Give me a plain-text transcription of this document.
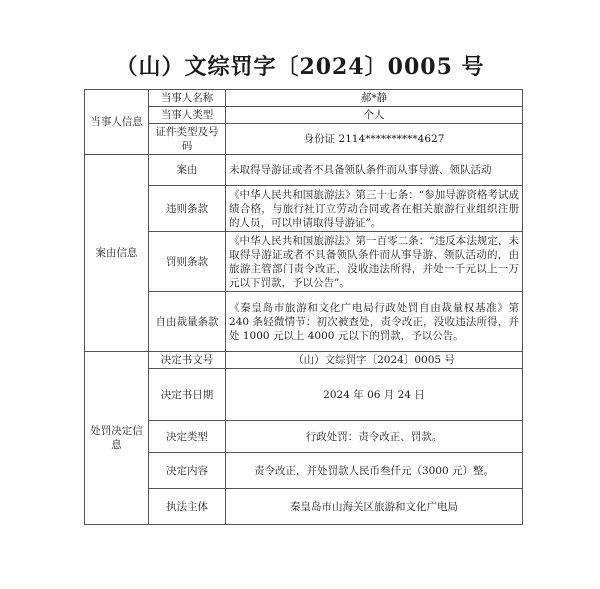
（山）文综罚字〔2024〕0005 号
当事人信息	当事人名称	郝*静
	当事人类型	个人
	证件类型及号码	身份证 2114**********4627
案由信息	案由	未取得导游证或者不具备领队条件而从事导游、领队活动
	违则条款	《中华人民共和国旅游法》第三十七条：“参加导游资格考试成绩合格，与旅行社订立劳动合同或者在相关旅游行业组织注册的人员，可以申请取得导游证”。
	罚则条款	《中华人民共和国旅游法》第一百零二条：“违反本法规定，未取得导游证或者不具备领队条件而从事导游、领队活动的，由旅游主管部门责令改正，没收违法所得，并处一千元以上一万元以下罚款，予以公告”。
	自由裁量条款	《秦皇岛市旅游和文化广电局行政处罚自由裁量权基准》第 240 条轻微情节：初次被查处，责令改正，没收违法所得，并处 1000 元以上 4000 元以下的罚款，予以公告。
处罚决定信息	决定书文号	（山）文综罚字〔2024〕0005 号
	决定书日期	2024 年 06 月 24 日
	决定类型	行政处罚：责令改正、罚款。
	决定内容	责令改正，并处罚款人民币叁仟元（3000 元）整。
	执法主体	秦皇岛市山海关区旅游和文化广电局
